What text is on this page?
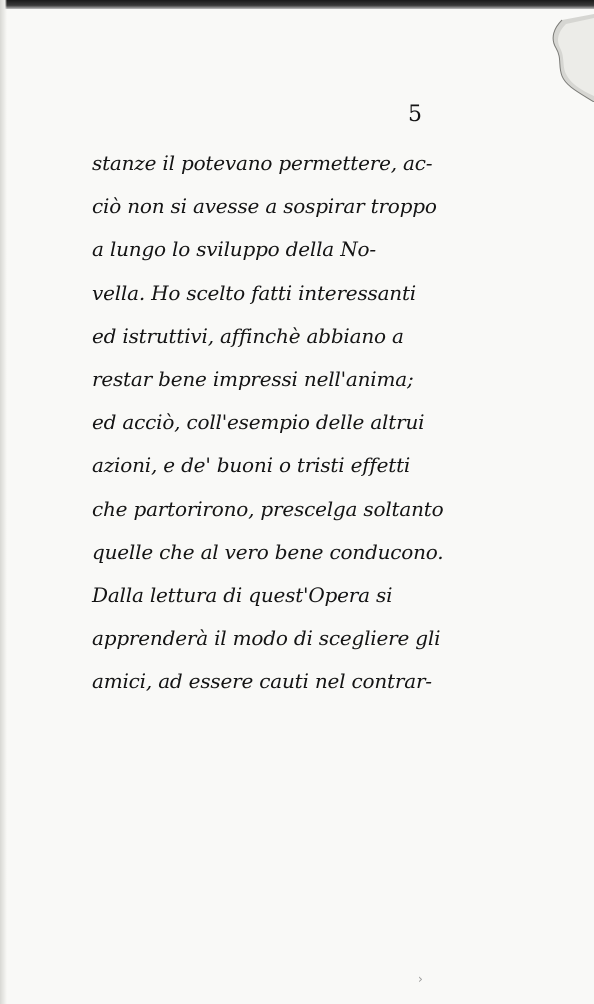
5
stanze il potevano permettere, ac-
ciò non si avesse a sospirar troppo
a lungo lo sviluppo della No-
vella. Ho scelto fatti interessanti
ed istruttivi, affinchè abbiano a
restar bene impressi nell'anima;
ed acciò, coll'esempio delle altrui
azioni, e de' buoni o tristi effetti
che partorirono, prescelga soltanto
quelle che al vero bene conducono.
Dalla lettura di quest'Opera si
apprenderà il modo di scegliere gli
amici, ad essere cauti nel contrar-
›
